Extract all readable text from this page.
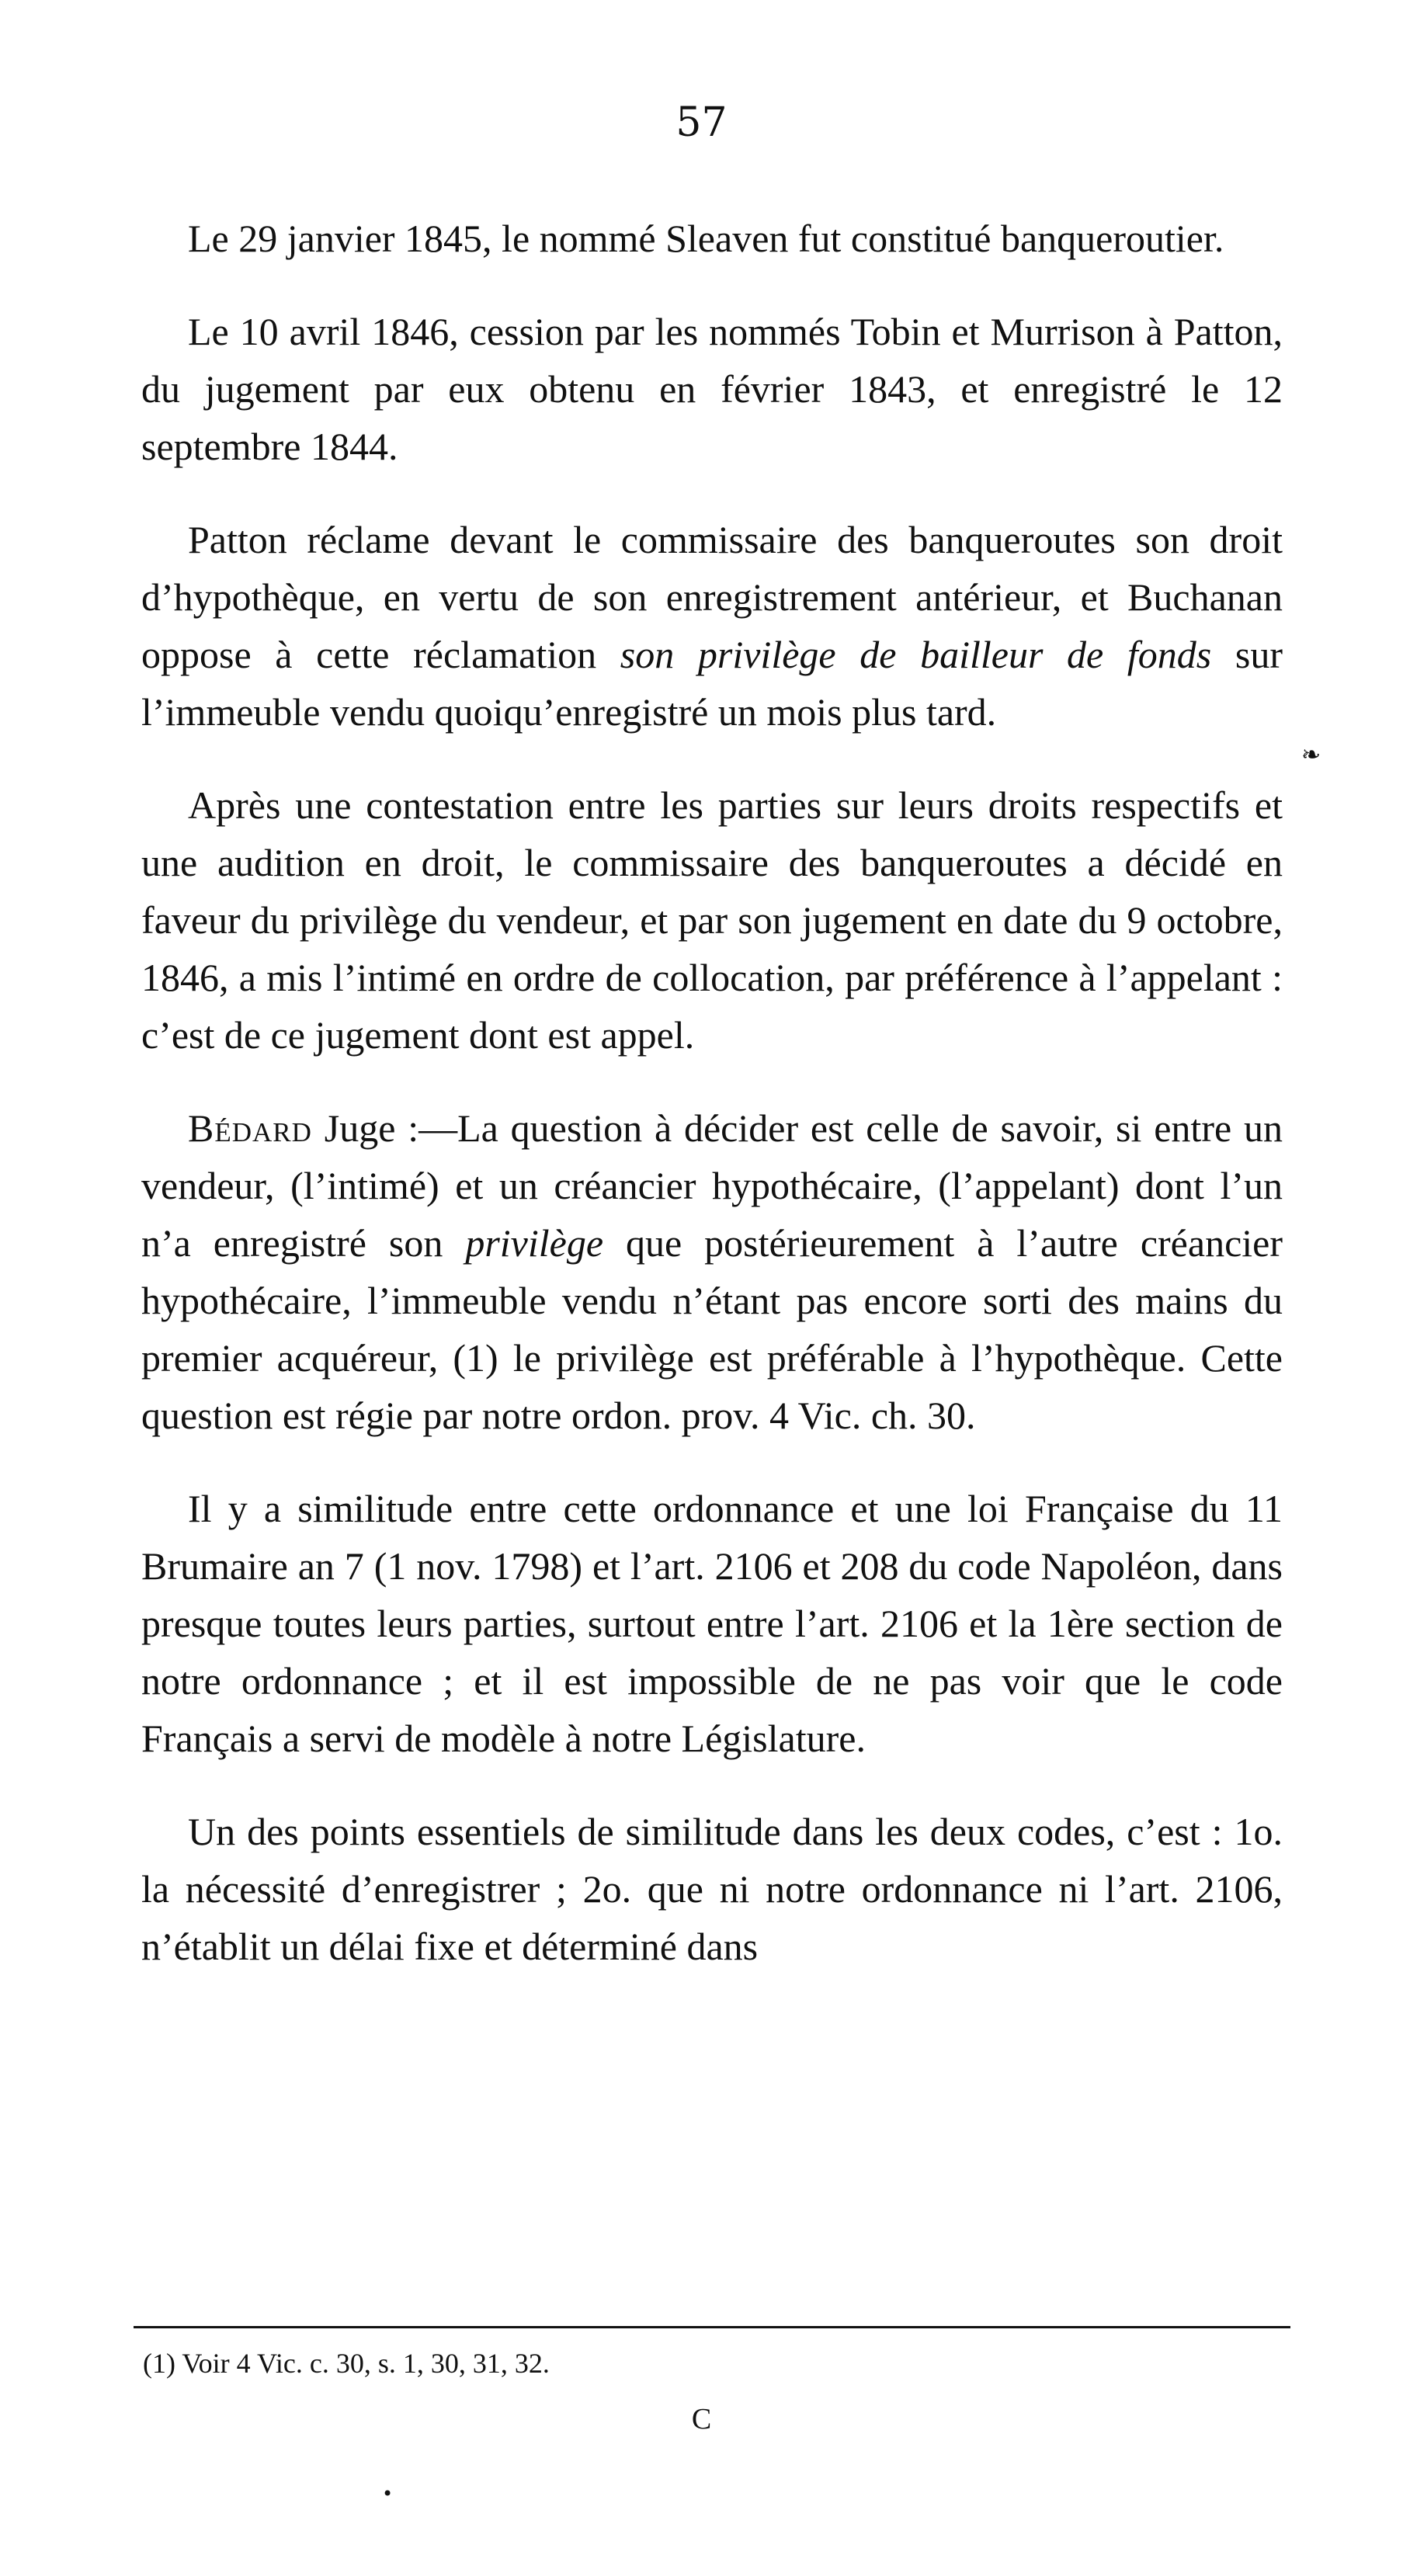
57

Le 29 janvier 1845, le nommé Sleaven fut constitué banqueroutier.

Le 10 avril 1846, cession par les nommés Tobin et Murrison à Patton, du jugement par eux obtenu en février 1843, et enregistré le 12 septembre 1844.

Patton réclame devant le commissaire des banqueroutes son droit d’hypothèque, en vertu de son enregistrement antérieur, et Buchanan oppose à cette réclamation son privilège de bailleur de fonds sur l’immeuble vendu quoiqu’enregistré un mois plus tard.

Après une contestation entre les parties sur leurs droits respectifs et une audition en droit, le commissaire des banqueroutes a décidé en faveur du privilège du vendeur, et par son jugement en date du 9 octobre, 1846, a mis l’intimé en ordre de collocation, par préférence à l’appelant : c’est de ce jugement dont est appel.

Bédard Juge :—La question à décider est celle de savoir, si entre un vendeur, (l’intimé) et un créancier hypothécaire, (l’appelant) dont l’un n’a enregistré son privilège que postérieurement à l’autre créancier hypothécaire, l’immeuble vendu n’étant pas encore sorti des mains du premier acquéreur, (1) le privilège est préférable à l’hypothèque. Cette question est régie par notre ordon. prov. 4 Vic. ch. 30.

Il y a similitude entre cette ordonnance et une loi Française du 11 Brumaire an 7 (1 nov. 1798) et l’art. 2106 et 208 du code Napoléon, dans presque toutes leurs parties, surtout entre l’art. 2106 et la 1ère section de notre ordonnance ; et il est impossible de ne pas voir que le code Français a servi de modèle à notre Législature.

Un des points essentiels de similitude dans les deux codes, c’est : 1o. la nécessité d’enregistrer ; 2o. que ni notre ordonnance ni l’art. 2106, n’établit un délai fixe et déterminé dans

❧
(1) Voir 4 Vic. c. 30, s. 1, 30, 31, 32.
C
•
